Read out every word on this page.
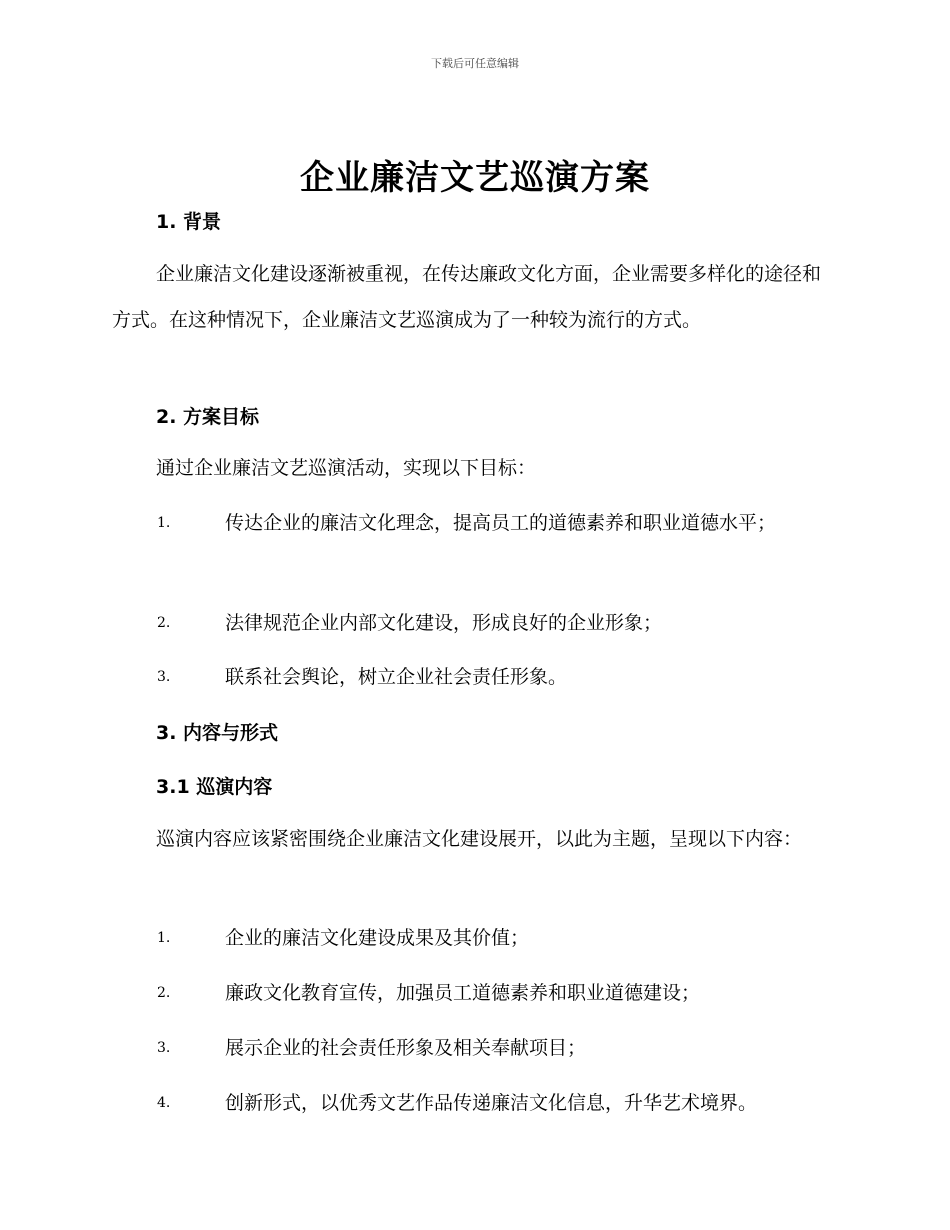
下载后可任意编辑
企业廉洁文艺巡演方案
1. 背景
企业廉洁文化建设逐渐被重视，在传达廉政文化方面，企业需要多样化的途径和方式。在这种情况下，企业廉洁文艺巡演成为了一种较为流行的方式。
2. 方案目标
通过企业廉洁文艺巡演活动，实现以下目标：
1.	传达企业的廉洁文化理念，提高员工的道德素养和职业道德水平；
2.	法律规范企业内部文化建设，形成良好的企业形象；
3.	联系社会舆论，树立企业社会责任形象。
3. 内容与形式
3.1 巡演内容
巡演内容应该紧密围绕企业廉洁文化建设展开，以此为主题，呈现以下内容：
1.	企业的廉洁文化建设成果及其价值；
2.	廉政文化教育宣传，加强员工道德素养和职业道德建设；
3.	展示企业的社会责任形象及相关奉献项目；
4.	创新形式，以优秀文艺作品传递廉洁文化信息，升华艺术境界。
